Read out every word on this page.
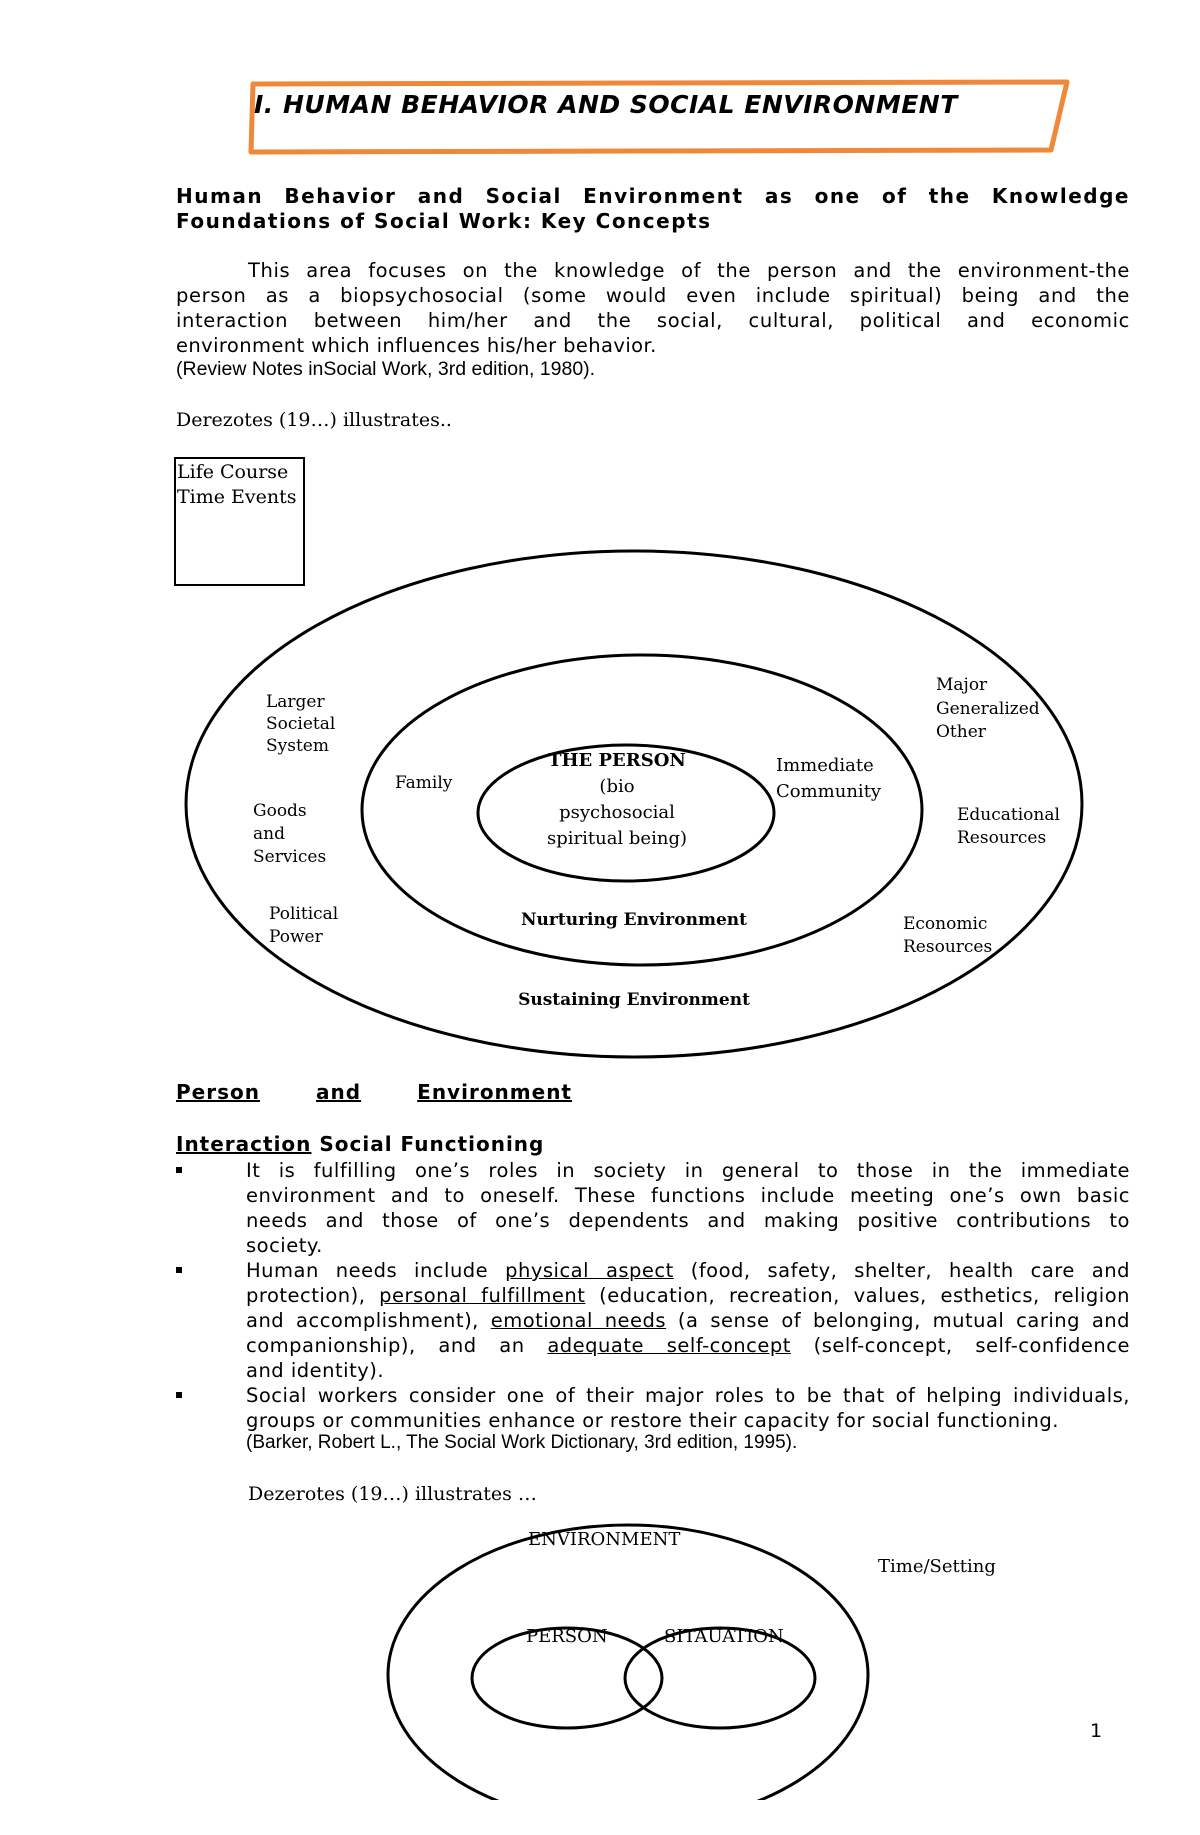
I. HUMAN BEHAVIOR AND SOCIAL ENVIRONMENT
Human Behavior and Social Environment as one of the Knowledge
Foundations of Social Work: Key Concepts
This area focuses on the knowledge of the person and the environment-the
person as a biopsychosocial (some would even include spiritual) being and the
interaction between him/her and the social, cultural, political and economic
environment which influences his/her behavior.
(Review Notes inSocial Work, 3rd edition, 1980).
Derezotes (19…) illustrates..
Life Course
Time Events
THE PERSON
(bio
psychosocial
spiritual being)
Family
Immediate
Community
Nurturing Environment
Sustaining Environment
Larger
Societal
System
Goods
and
Services
Political
Power
Major
Generalized
Other
Educational
Resources
Economic
Resources
Person	and	Environment
Interaction Social Functioning
It is fulfilling one’s roles in society in general to those in the immediate
environment and to oneself. These functions include meeting one’s own basic
needs and those of one’s dependents and making positive contributions to
society.
Human needs include physical aspect (food, safety, shelter, health care and
protection), personal fulfillment (education, recreation, values, esthetics, religion
and accomplishment), emotional needs (a sense of belonging, mutual caring and
companionship), and an adequate self-concept (self-concept, self-confidence
and identity).
Social workers consider one of their major roles to be that of helping individuals,
groups or communities enhance or restore their capacity for social functioning.
(Barker, Robert L., The Social Work Dictionary, 3rd edition, 1995).
Dezerotes (19…) illustrates …
ENVIRONMENT
Time/Setting
PERSON	SITAUATION
1
